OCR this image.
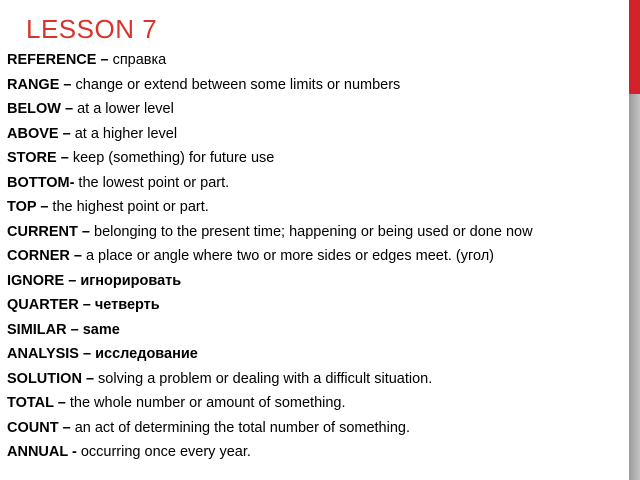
LESSON 7
REFERENCE – справка
RANGE – change or extend between some limits or numbers
BELOW – at a lower level
ABOVE – at a higher level
STORE – keep (something) for future use
BOTTOM- the lowest point or part.
TOP – the highest point or part.
CURRENT – belonging to the present time; happening or being used or done now
CORNER – a place or angle where two or more sides or edges meet. (угол)
IGNORE – игнорировать
QUARTER – четверть
SIMILAR – same
ANALYSIS – исследование
SOLUTION – solving a problem or dealing with a difficult situation.
TOTAL – the whole number or amount of something.
COUNT – an act of determining the total number of something.
ANNUAL - occurring once every year.
